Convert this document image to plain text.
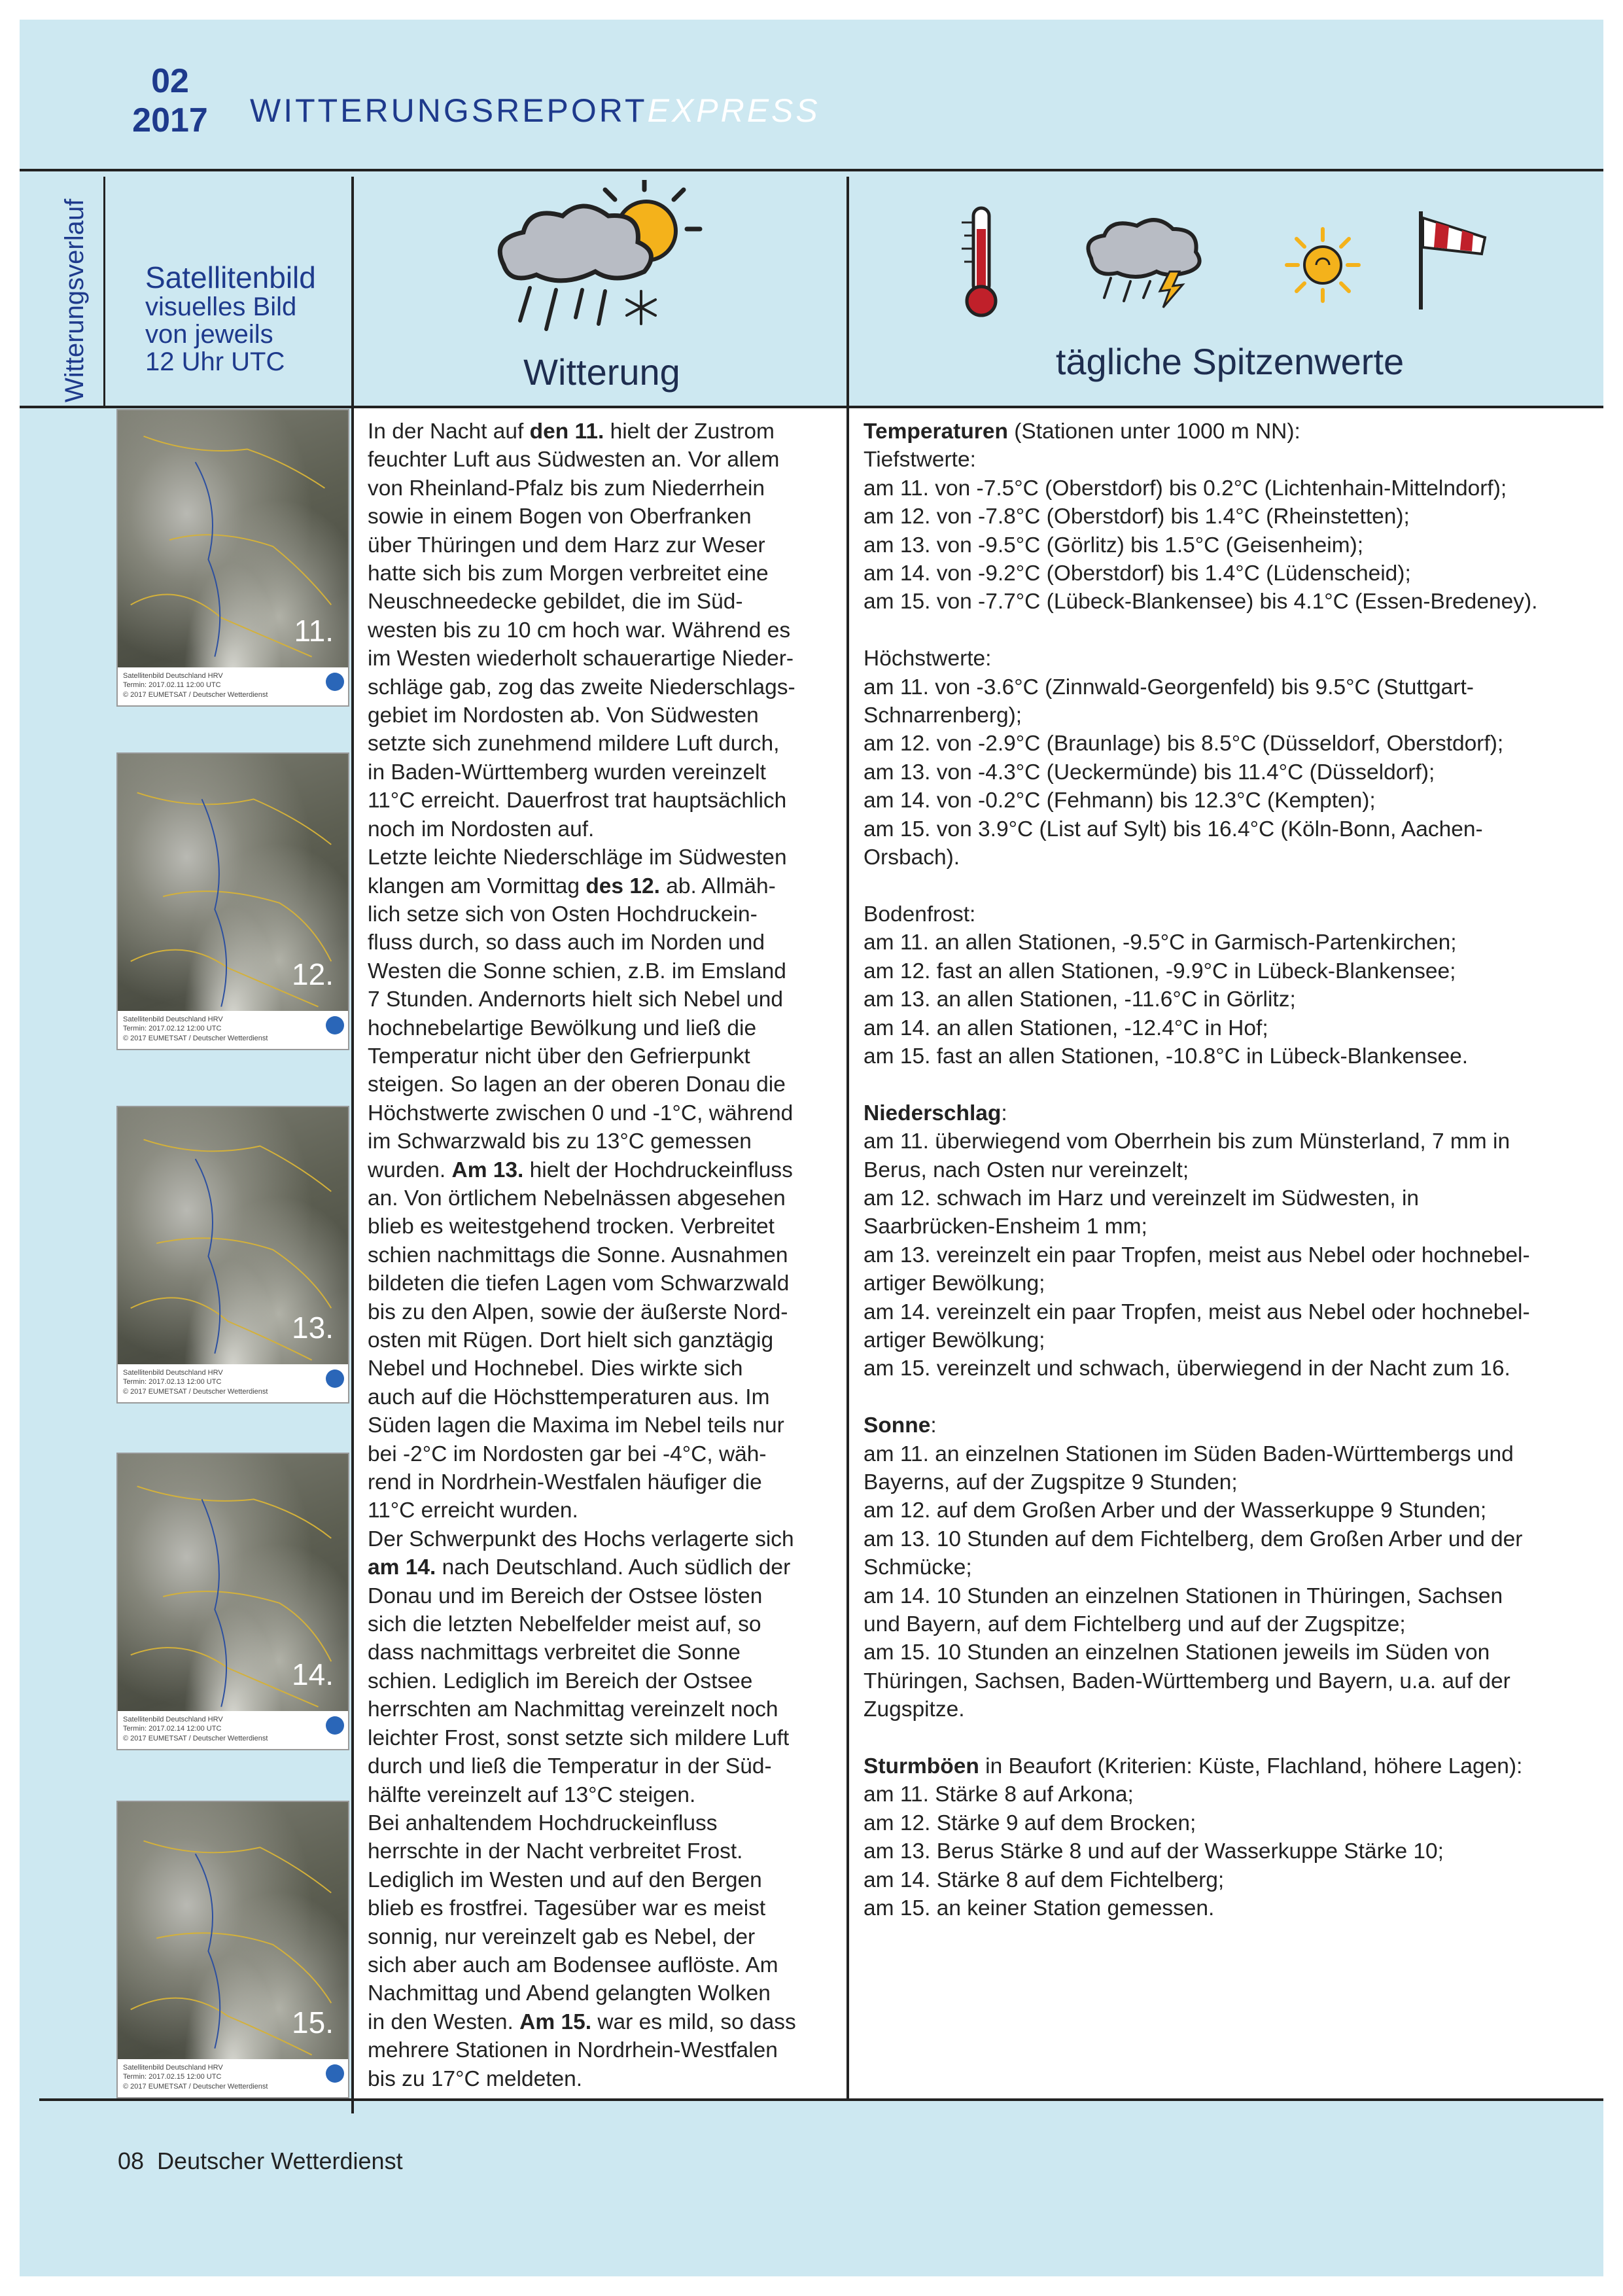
02
2017 WITTERUNGSREPORTEXPRESS
Satellitenbild
visuelles Bild
von jeweils
12 Uhr UTC	Witterung	tägliche Spitzenwerte
11.
Satellitenbild Deutschland HRV
Termin: 2017.02.11 12:00 UTC
© 2017 EUMETSAT / Deutscher Wetterdienst
12.
Satellitenbild Deutschland HRV
Termin: 2017.02.12 12:00 UTC
© 2017 EUMETSAT / Deutscher Wetterdienst
13.
Satellitenbild Deutschland HRV
Termin: 2017.02.13 12:00 UTC
© 2017 EUMETSAT / Deutscher Wetterdienst
14.
Satellitenbild Deutschland HRV
Termin: 2017.02.14 12:00 UTC
© 2017 EUMETSAT / Deutscher Wetterdienst
15.
Satellitenbild Deutschland HRV
Termin: 2017.02.15 12:00 UTC
© 2017 EUMETSAT / Deutscher Wetterdienst

In der Nacht auf den 11. hielt der Zustrom

feuchter Luft aus Südwesten an. Vor allem

von Rheinland-Pfalz bis zum Niederrhein

sowie in einem Bogen von Oberfranken

über Thüringen und dem Harz zur Weser

hatte sich bis zum Morgen verbreitet eine

Neuschneedecke gebildet, die im Süd-

westen bis zu 10 cm hoch war. Während es

im Westen wiederholt schauerartige Nieder-

schläge gab, zog das zweite Niederschlags-

gebiet im Nordosten ab. Von Südwesten

setzte sich zunehmend mildere Luft durch,

in Baden-Württemberg wurden vereinzelt

11°C erreicht. Dauerfrost trat hauptsächlich

noch im Nordosten auf.

Letzte leichte Niederschläge im Südwesten

klangen am Vormittag des 12. ab. Allmäh-

lich setze sich von Osten Hochdruckein-

fluss durch, so dass auch im Norden und

Westen die Sonne schien, z.B. im Emsland

7 Stunden. Andernorts hielt sich Nebel und

hochnebelartige Bewölkung und ließ die

Temperatur nicht über den Gefrierpunkt

steigen. So lagen an der oberen Donau die

Höchstwerte zwischen 0 und -1°C, während

im Schwarzwald bis zu 13°C gemessen

wurden. Am 13. hielt der Hochdruckeinfluss

an. Von örtlichem Nebelnässen abgesehen

blieb es weitestgehend trocken. Verbreitet

schien nachmittags die Sonne. Ausnahmen

bildeten die tiefen Lagen vom Schwarzwald

bis zu den Alpen, sowie der äußerste Nord-

osten mit Rügen. Dort hielt sich ganztägig

Nebel und Hochnebel. Dies wirkte sich

auch auf die Höchsttemperaturen aus. Im

Süden lagen die Maxima im Nebel teils nur

bei -2°C im Nordosten gar bei -4°C, wäh-

rend in Nordrhein-Westfalen häufiger die

11°C erreicht wurden.

Der Schwerpunkt des Hochs verlagerte sich

am 14. nach Deutschland. Auch südlich der

Donau und im Bereich der Ostsee lösten

sich die letzten Nebelfelder meist auf, so

dass nachmittags verbreitet die Sonne

schien. Lediglich im Bereich der Ostsee

herrschten am Nachmittag vereinzelt noch

leichter Frost, sonst setzte sich mildere Luft

durch und ließ die Temperatur in der Süd-

hälfte vereinzelt auf 13°C steigen.

Bei anhaltendem Hochdruckeinfluss

herrschte in der Nacht verbreitet Frost.

Lediglich im Westen und auf den Bergen

blieb es frostfrei. Tagesüber war es meist

sonnig, nur vereinzelt gab es Nebel, der

sich aber auch am Bodensee auflöste. Am

Nachmittag und Abend gelangten Wolken

in den Westen. Am 15. war es mild, so dass

mehrere Stationen in Nordrhein-Westfalen

bis zu 17°C meldeten.

Temperaturen (Stationen unter 1000 m NN):

Tiefstwerte:

am 11. von -7.5°C (Oberstdorf) bis 0.2°C (Lichtenhain-Mittelndorf);

am 12. von -7.8°C (Oberstdorf) bis 1.4°C (Rheinstetten);

am 13. von -9.5°C (Görlitz) bis 1.5°C (Geisenheim);

am 14. von -9.2°C (Oberstdorf) bis 1.4°C (Lüdenscheid);

am 15. von -7.7°C (Lübeck-Blankensee) bis 4.1°C (Essen-Bredeney).

Höchstwerte:

am 11. von -3.6°C (Zinnwald-Georgenfeld) bis 9.5°C (Stuttgart-

Schnarrenberg);

am 12. von -2.9°C (Braunlage) bis 8.5°C (Düsseldorf, Oberstdorf);

am 13. von -4.3°C (Ueckermünde) bis 11.4°C (Düsseldorf);

am 14. von -0.2°C (Fehmann) bis 12.3°C (Kempten);

am 15. von 3.9°C (List auf Sylt) bis 16.4°C (Köln-Bonn, Aachen-

Orsbach).

Bodenfrost:

am 11. an allen Stationen, -9.5°C in Garmisch-Partenkirchen;

am 12. fast an allen Stationen, -9.9°C in Lübeck-Blankensee;

am 13. an allen Stationen, -11.6°C in Görlitz;

am 14. an allen Stationen, -12.4°C in Hof;

am 15. fast an allen Stationen, -10.8°C in Lübeck-Blankensee.

Niederschlag:

am 11. überwiegend vom Oberrhein bis zum Münsterland, 7 mm in

Berus, nach Osten nur vereinzelt;

am 12. schwach im Harz und vereinzelt im Südwesten, in

Saarbrücken-Ensheim 1 mm;

am 13. vereinzelt ein paar Tropfen, meist aus Nebel oder hochnebel-

artiger Bewölkung;

am 14. vereinzelt ein paar Tropfen, meist aus Nebel oder hochnebel-

artiger Bewölkung;

am 15. vereinzelt und schwach, überwiegend in der Nacht zum 16.

Sonne:

am 11. an einzelnen Stationen im Süden Baden-Württembergs und

Bayerns, auf der Zugspitze 9 Stunden;

am 12. auf dem Großen Arber und der Wasserkuppe 9 Stunden;

am 13. 10 Stunden auf dem Fichtelberg, dem Großen Arber und der

Schmücke;

am 14. 10 Stunden an einzelnen Stationen in Thüringen, Sachsen

und Bayern, auf dem Fichtelberg und auf der Zugspitze;

am 15. 10 Stunden an einzelnen Stationen jeweils im Süden von

Thüringen, Sachsen, Baden-Württemberg und Bayern, u.a. auf der

Zugspitze.

Sturmböen in Beaufort (Kriterien: Küste, Flachland, höhere Lagen):

am 11. Stärke 8 auf Arkona;

am 12. Stärke 9 auf dem Brocken;

am 13. Berus Stärke 8 und auf der Wasserkuppe Stärke 10;

am 14. Stärke 8 auf dem Fichtelberg;

am 15. an keiner Station gemessen.

08 Deutscher Wetterdienst
